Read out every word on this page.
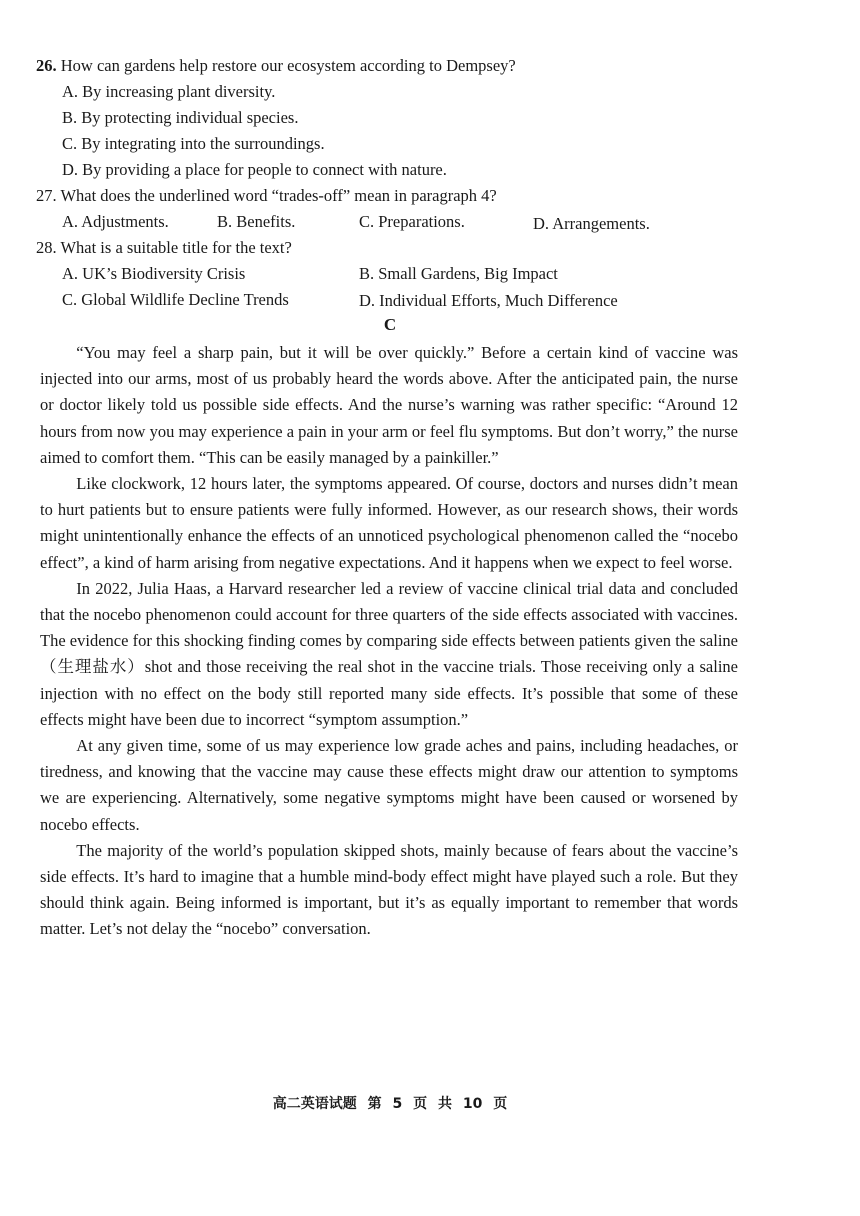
26. How can gardens help restore our ecosystem according to Dempsey?
A. By increasing plant diversity.
B. By protecting individual species.
C. By integrating into the surroundings.
D. By providing a place for people to connect with nature.
27. What does the underlined word “trades-off” mean in paragraph 4?
A. Adjustments.	B. Benefits.	C. Preparations.	D. Arrangements.
28. What is a suitable title for the text?
A. UK’s Biodiversity Crisis	B. Small Gardens, Big Impact
C. Global Wildlife Decline Trends	D. Individual Efforts, Much Difference
C

“You may feel a sharp pain, but it will be over quickly.” Before a certain kind of vaccine was injected into our arms, most of us probably heard the words above. After the anticipated pain, the nurse or doctor likely told us possible side effects. And the nurse’s warning was rather specific: “Around 12 hours from now you may experience a pain in your arm or feel flu symptoms. But don’t worry,” the nurse aimed to comfort them. “This can be easily managed by a painkiller.”

Like clockwork, 12 hours later, the symptoms appeared. Of course, doctors and nurses didn’t mean to hurt patients but to ensure patients were fully informed. However, as our research shows, their words might unintentionally enhance the effects of an unnoticed psychological phenomenon called the “nocebo effect”, a kind of harm arising from negative expectations. And it happens when we expect to feel worse.

In 2022, Julia Haas, a Harvard researcher led a review of vaccine clinical trial data and concluded that the nocebo phenomenon could account for three quarters of the side effects associated with vaccines. The evidence for this shocking finding comes by comparing side effects between patients given the saline（生理盐水）shot and those receiving the real shot in the vaccine trials. Those receiving only a saline injection with no effect on the body still reported many side effects. It’s possible that some of these effects might have been due to incorrect “symptom assumption.”

At any given time, some of us may experience low grade aches and pains, including headaches, or tiredness, and knowing that the vaccine may cause these effects might draw our attention to symptoms we are experiencing. Alternatively, some negative symptoms might have been caused or worsened by nocebo effects.

The majority of the world’s population skipped shots, mainly because of fears about the vaccine’s side effects. It’s hard to imagine that a humble mind-body effect might have played such a role. But they should think again. Being informed is important, but it’s as equally important to remember that words matter. Let’s not delay the “nocebo” conversation.

高二英语试题 第 5 页 共 10 页
